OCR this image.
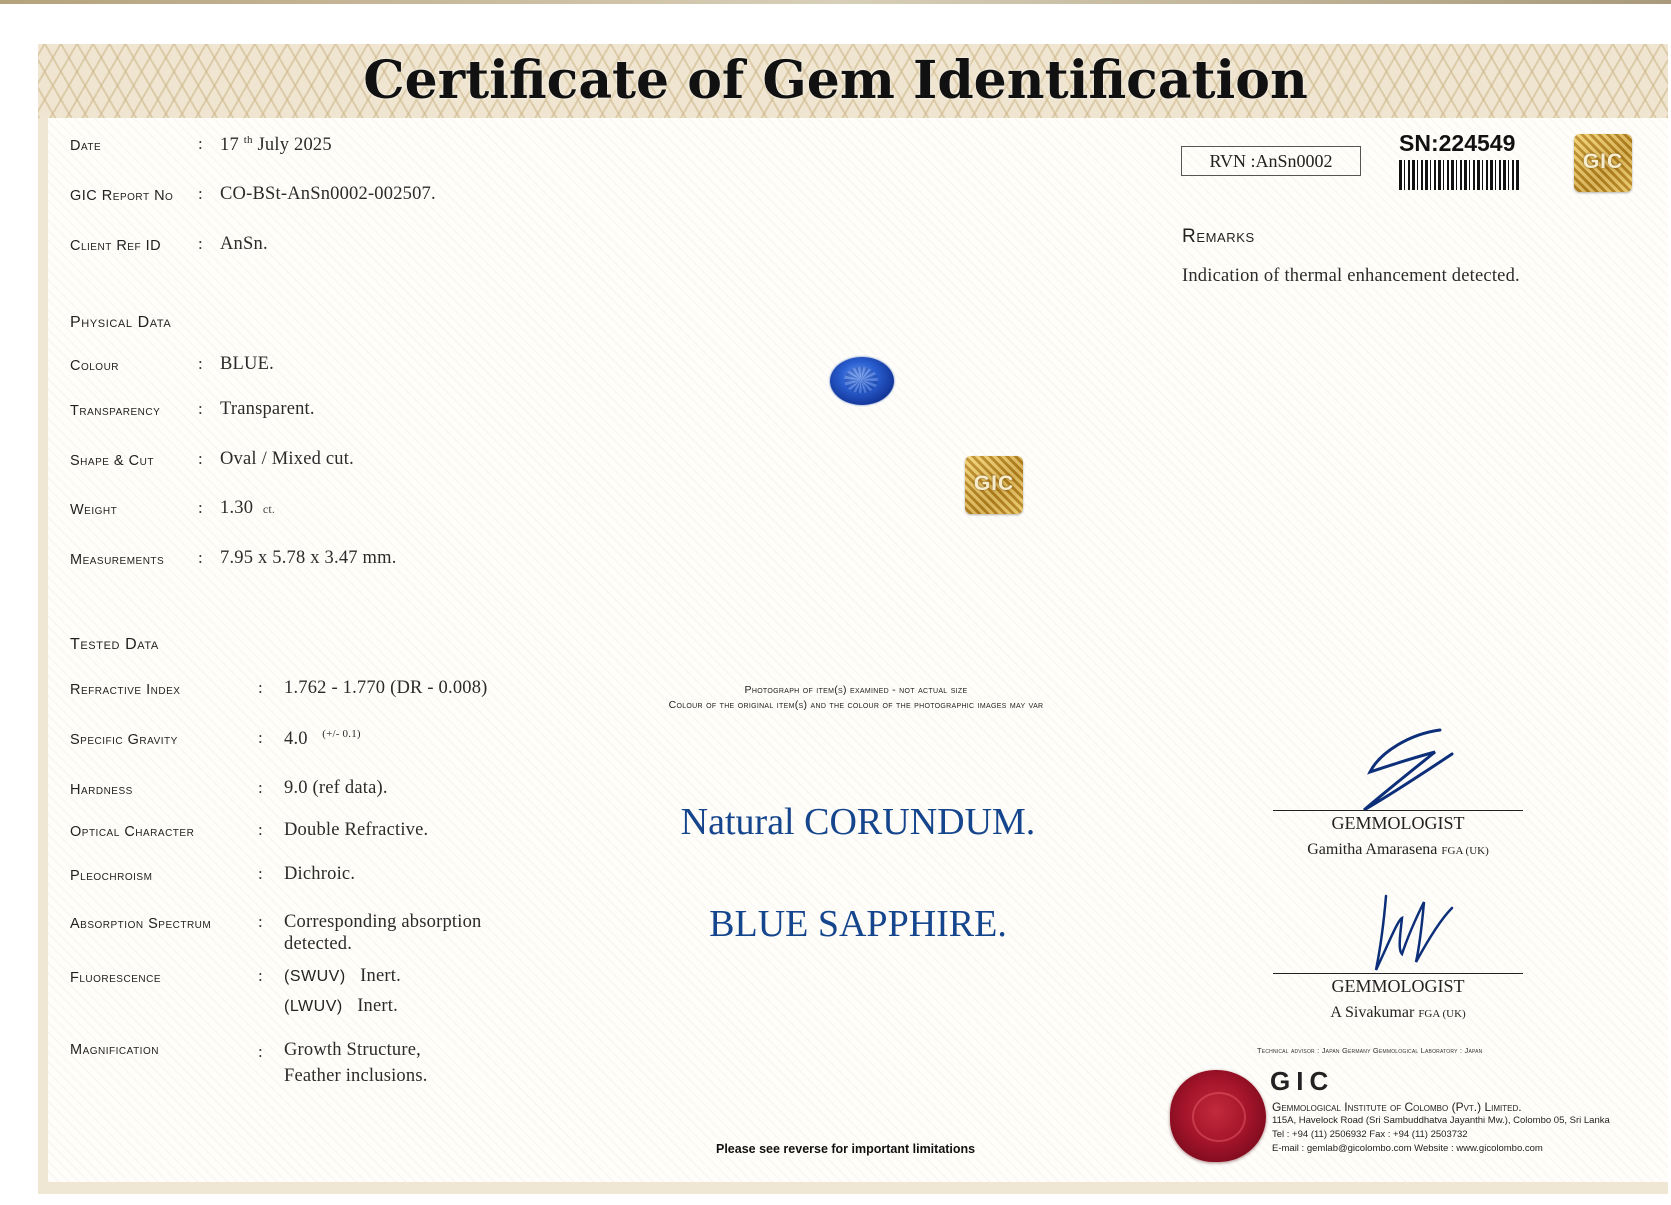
Certificate of Gem Identification
Date	: 17 $^{th}$ July 2025
GIC Report No : CO-BSt-AnSn0002-002507.
Client Ref ID : AnSn.
Physical Data
Colour	: BLUE.
Transparency : Transparent.
Shape & Cut	: Oval / Mixed cut.
Weight	: 1.30 ct.
Measurements : 7.95 x 5.78 x 3.47 mm.
Tested Data
Refractive Index	: 1.762 - 1.770 (DR - 0.008)
Specific Gravity	: 4.0 $^{(+/- 0.1)}$
Hardness	: 9.0 (ref data).
Optical Character	: Double Refractive.
Pleochroism	: Dichroic.
Absorption Spectrum	: Corresponding absorption
detected.
Fluorescence	: (SWUV) Inert.
(LWUV) Inert.
Magnification	: Growth Structure,
Feather inclusions.
GIC
Photograph of item(s) examined - not actual size
Colour of the original item(s) and the colour of the photographic images may var
Natural CORUNDUM.
BLUE SAPPHIRE.
Please see reverse for important limitations
RVN :AnSn0002
SN:224549
GIC
Remarks
Indication of thermal enhancement detected.
GEMMOLOGIST
Gamitha Amarasena FGA (UK)
GEMMOLOGIST
A Sivakumar FGA (UK)
Technical advisor : Japan Germany Gemmological Laboratory : Japan
GIC
Gemmological Institute of Colombo (Pvt.) Limited.
115A, Havelock Road (Sri Sambuddhatva Jayanthi Mw.), Colombo 05, Sri Lanka
Tel : +94 (11) 2506932 Fax : +94 (11) 2503732
E-mail : gemlab@gicolombo.com Website : www.gicolombo.com
